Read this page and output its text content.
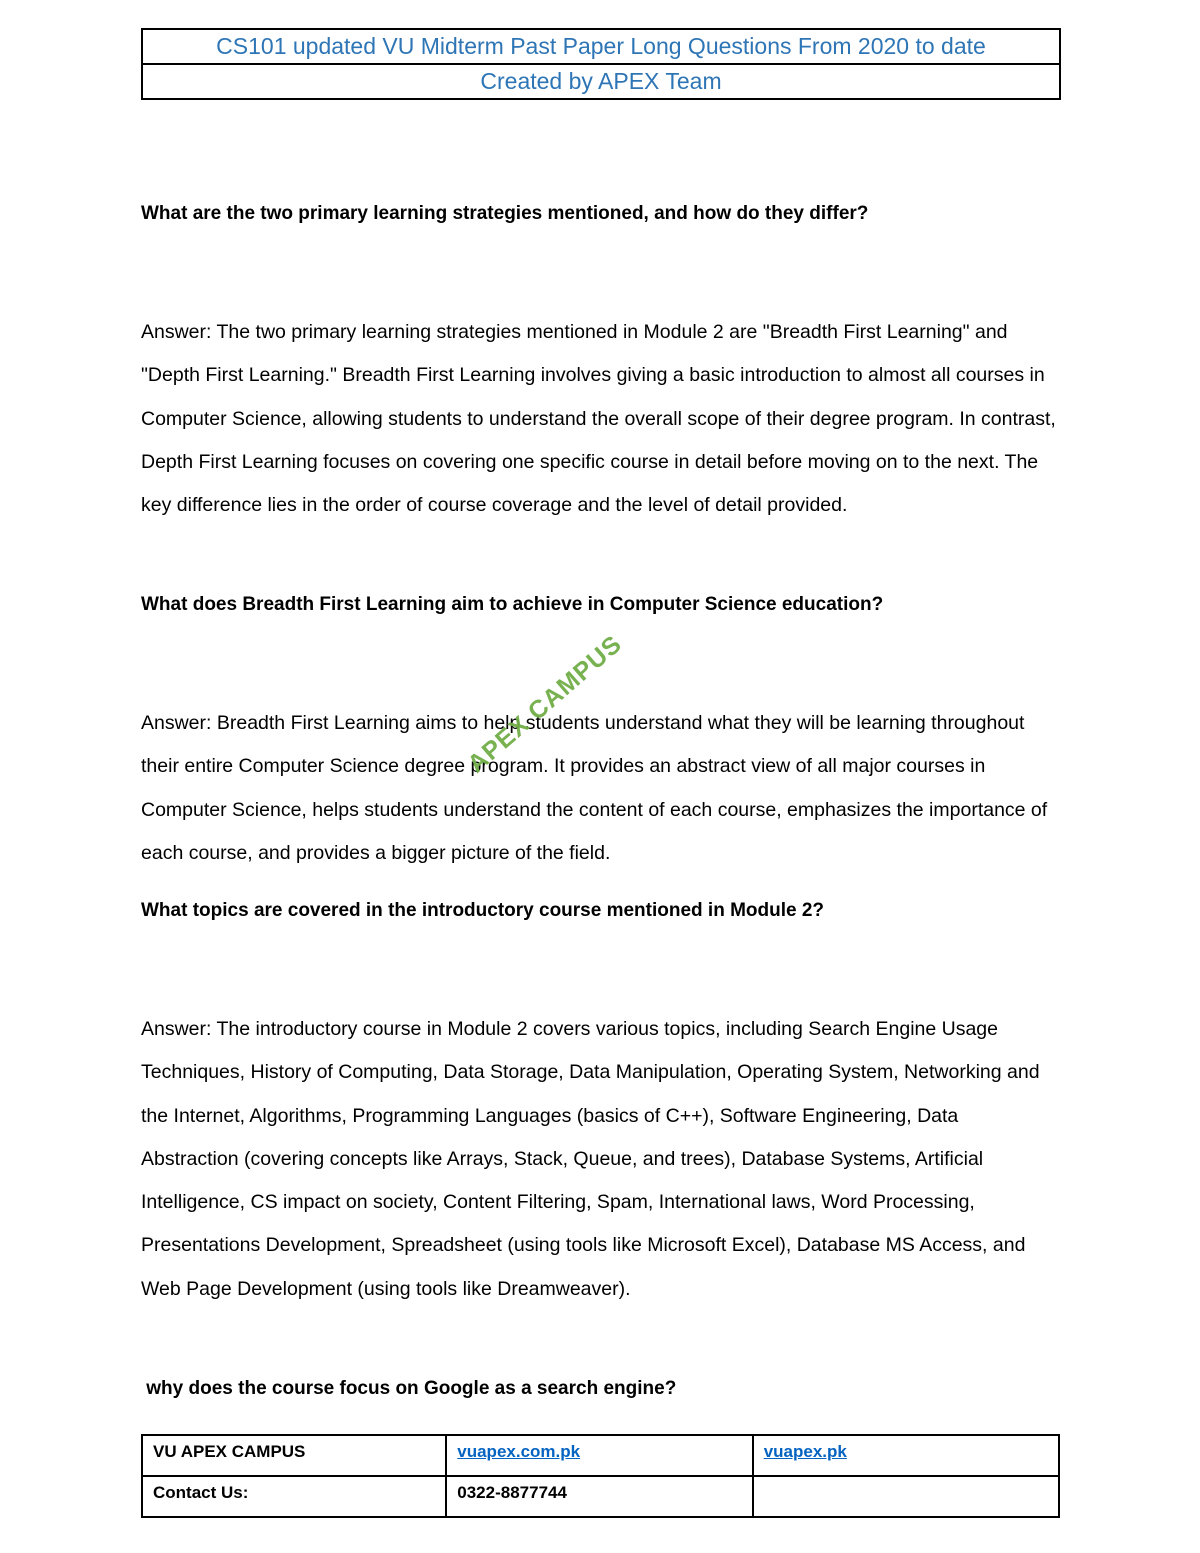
CS101 updated VU Midterm Past Paper Long Questions From 2020 to date
Created by APEX Team
What are the two primary learning strategies mentioned, and how do they differ?
Answer: The two primary learning strategies mentioned in Module 2 are "Breadth First Learning" and "Depth First Learning." Breadth First Learning involves giving a basic introduction to almost all courses in Computer Science, allowing students to understand the overall scope of their degree program. In contrast, Depth First Learning focuses on covering one specific course in detail before moving on to the next. The key difference lies in the order of course coverage and the level of detail provided.
What does Breadth First Learning aim to achieve in Computer Science education?
Answer: Breadth First Learning aims to help students understand what they will be learning throughout their entire Computer Science degree program. It provides an abstract view of all major courses in Computer Science, helps students understand the content of each course, emphasizes the importance of each course, and provides a bigger picture of the field.
What topics are covered in the introductory course mentioned in Module 2?
Answer: The introductory course in Module 2 covers various topics, including Search Engine Usage Techniques, History of Computing, Data Storage, Data Manipulation, Operating System, Networking and the Internet, Algorithms, Programming Languages (basics of C++), Software Engineering, Data Abstraction (covering concepts like Arrays, Stack, Queue, and trees), Database Systems, Artificial Intelligence, CS impact on society, Content Filtering, Spam, International laws, Word Processing, Presentations Development, Spreadsheet (using tools like Microsoft Excel), Database MS Access, and Web Page Development (using tools like Dreamweaver).
why does the course focus on Google as a search engine?
APEX CAMPUS
VU APEX CAMPUS	vuapex.com.pk	vuapex.pk
Contact Us:	0322-8877744	
